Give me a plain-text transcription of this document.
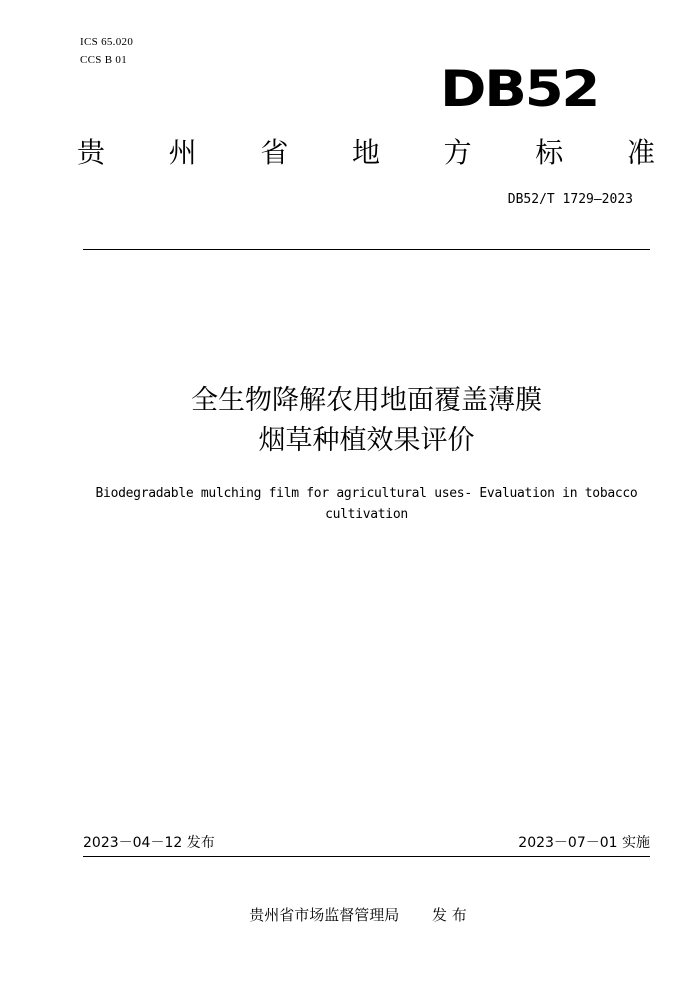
ICS 65.020
CCS B 01	DB52
贵 州 省 地 方 标 准
DB52/T 1729—2023
全生物降解农用地面覆盖薄膜
烟草种植效果评价
Biodegradable mulching film for agricultural uses- Evaluation in tobacco
cultivation
2023－04－12 发布	2023－07－01 实施
贵州省市场监督管理局 发 布
